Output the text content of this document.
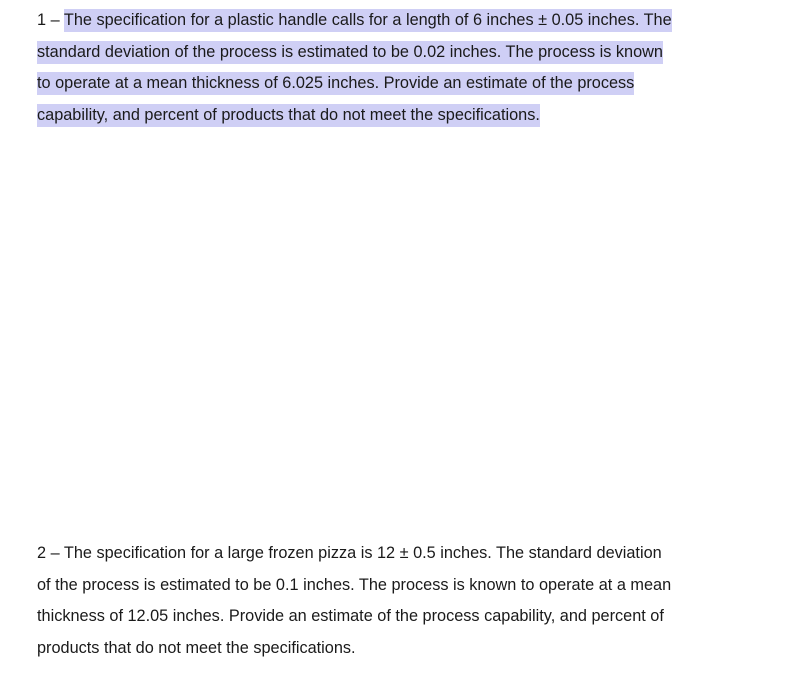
1 – The specification for a plastic handle calls for a length of 6 inches ± 0.05 inches. The
standard deviation of the process is estimated to be 0.02 inches. The process is known
to operate at a mean thickness of 6.025 inches. Provide an estimate of the process
capability, and percent of products that do not meet the specifications.
2 – The specification for a large frozen pizza is 12 ± 0.5 inches. The standard deviation
of the process is estimated to be 0.1 inches. The process is known to operate at a mean
thickness of 12.05 inches. Provide an estimate of the process capability, and percent of
products that do not meet the specifications.
